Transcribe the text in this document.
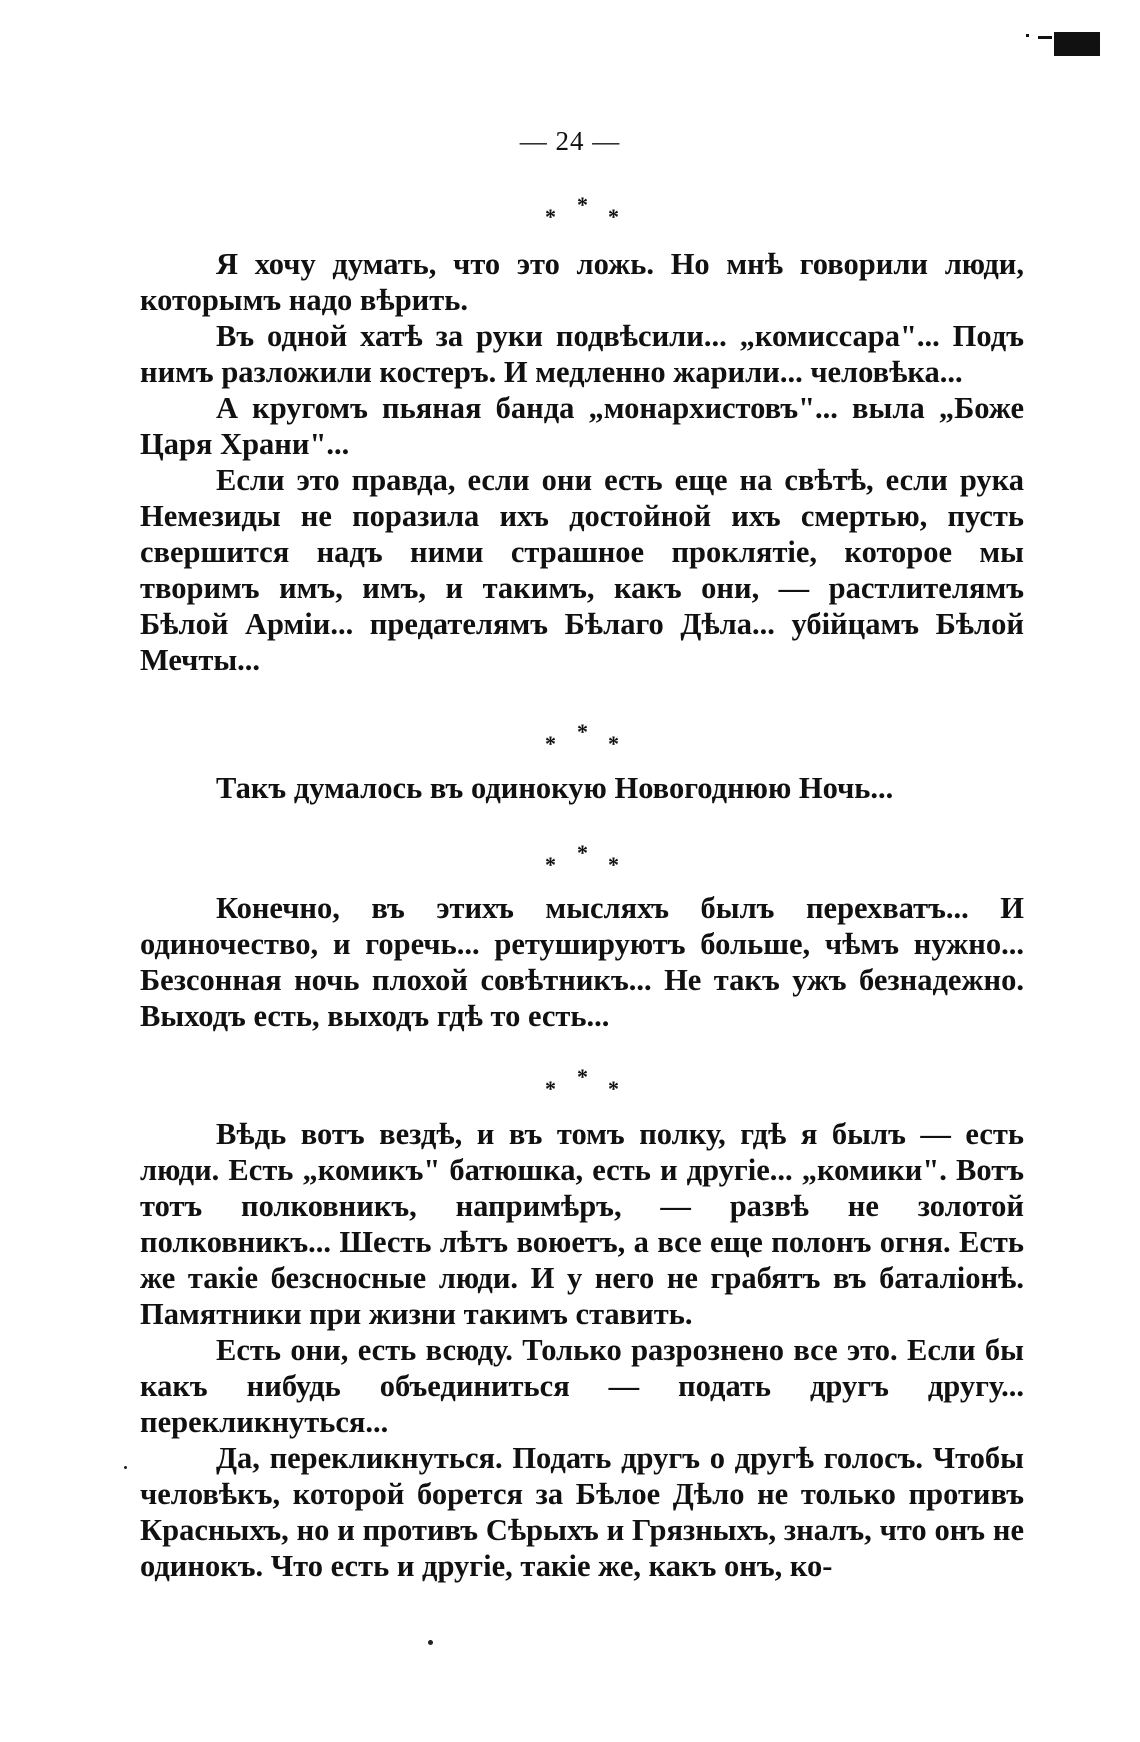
— 24 —
* * *

Я хочу думать, что это ложь. Но мнѣ говорили люди, которымъ надо вѣрить.

Въ одной хатѣ за руки подвѣсили... „комиссара"... Подъ нимъ разложили костеръ. И медленно жарили... человѣка...

А кругомъ пьяная банда „монархистовъ"... выла „Боже Царя Храни"...

Если это правда, если они есть еще на свѣтѣ, если рука Немезиды не поразила ихъ достойной ихъ смертью, пусть свершится надъ ними страшное проклятіе, которое мы творимъ имъ, имъ, и такимъ, какъ они, — растлителямъ Бѣлой Арміи... предателямъ Бѣлаго Дѣла... убійцамъ Бѣлой Мечты...

* * *

Такъ думалось въ одинокую Новогоднюю Ночь...

* * *

Конечно, въ этихъ мысляхъ былъ перехватъ... И одиночество, и горечь... ретушируютъ больше, чѣмъ нужно... Безсонная ночь плохой совѣтникъ... Не такъ ужъ безнадежно. Выходъ есть, выходъ гдѣ то есть...

* * *

Вѣдь вотъ вездѣ, и въ томъ полку, гдѣ я былъ — есть люди. Есть „комикъ" батюшка, есть и другіе... „комики". Вотъ тотъ полковникъ, напримѣръ, — развѣ не золотой полковникъ... Шесть лѣтъ воюетъ, а все еще полонъ огня. Есть же такіе безсносные люди. И у него не грабятъ въ баталіонѣ. Памятники при жизни такимъ ставить.

Есть они, есть всюду. Только разрознено все это. Если бы какъ нибудь объединиться — подать другъ другу... перекликнуться...

Да, перекликнуться. Подать другъ о другѣ голосъ. Чтобы человѣкъ, которой борется за Бѣлое Дѣло не только противъ Красныхъ, но и противъ Сѣрыхъ и Грязныхъ, зналъ, что онъ не одинокъ. Что есть и другіе, такіе же, какъ онъ, ко-
